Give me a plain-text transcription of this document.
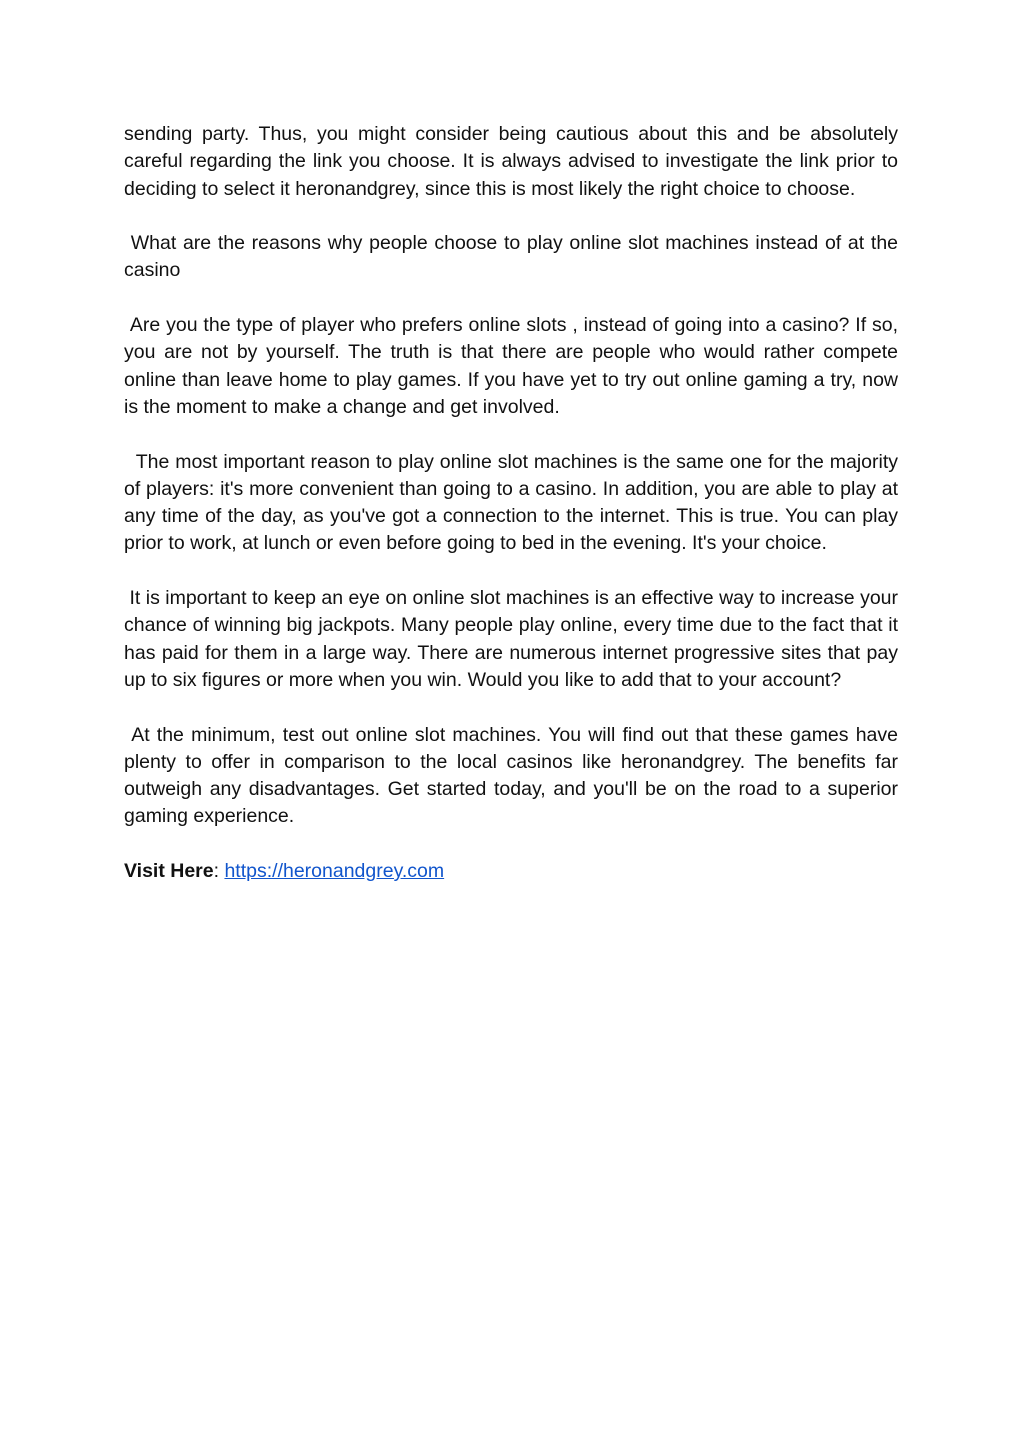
sending party. Thus, you might consider being cautious about this and be absolutely careful regarding the link you choose. It is always advised to investigate the link prior to deciding to select it heronandgrey, since this is most likely the right choice to choose.

What are the reasons why people choose to play online slot machines instead of at the casino

Are you the type of player who prefers online slots , instead of going into a casino? If so, you are not by yourself. The truth is that there are people who would rather compete online than leave home to play games. If you have yet to try out online gaming a try, now is the moment to make a change and get involved.

The most important reason to play online slot machines is the same one for the majority of players: it's more convenient than going to a casino. In addition, you are able to play at any time of the day, as you've got a connection to the internet. This is true. You can play prior to work, at lunch or even before going to bed in the evening. It's your choice.

It is important to keep an eye on online slot machines is an effective way to increase your chance of winning big jackpots. Many people play online, every time due to the fact that it has paid for them in a large way. There are numerous internet progressive sites that pay up to six figures or more when you win. Would you like to add that to your account?

At the minimum, test out online slot machines. You will find out that these games have plenty to offer in comparison to the local casinos like heronandgrey. The benefits far outweigh any disadvantages. Get started today, and you'll be on the road to a superior gaming experience.

Visit Here: https://heronandgrey.com
